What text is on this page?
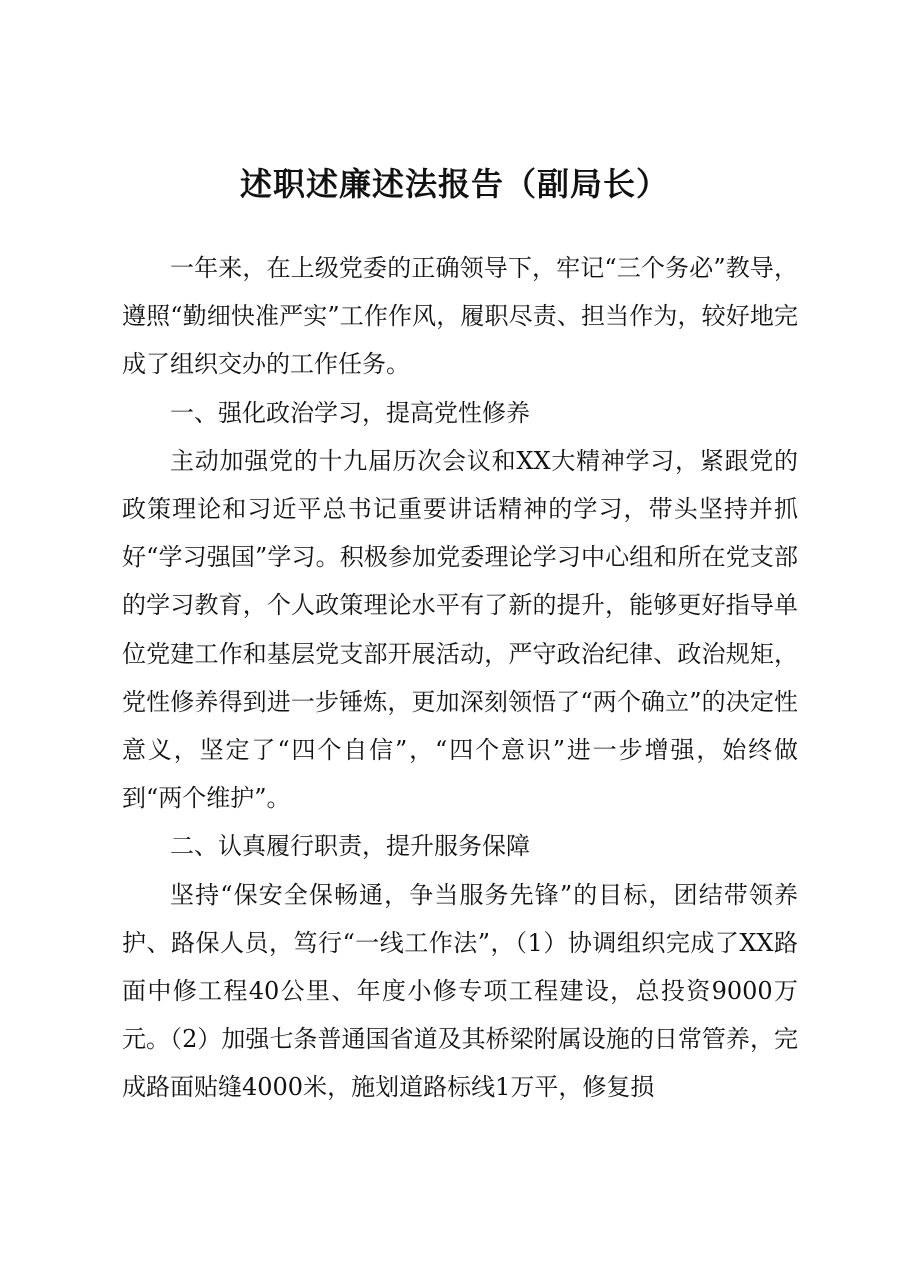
述职述廉述法报告（副局长）

一年来，在上级党委的正确领导下，牢记“三个务必”教导，遵照“勤细快准严实”工作作风，履职尽责、担当作为，较好地完成了组织交办的工作任务。

一、强化政治学习，提高党性修养

主动加强党的十九届历次会议和XX大精神学习，紧跟党的政策理论和习近平总书记重要讲话精神的学习，带头坚持并抓好“学习强国”学习。积极参加党委理论学习中心组和所在党支部的学习教育，个人政策理论水平有了新的提升，能够更好指导单位党建工作和基层党支部开展活动，严守政治纪律、政治规矩，党性修养得到进一步锤炼，更加深刻领悟了“两个确立”的决定性意义，坚定了“四个自信”，“四个意识”进一步增强，始终做到“两个维护”。

二、认真履行职责，提升服务保障

坚持“保安全保畅通，争当服务先锋”的目标，团结带领养护、路保人员，笃行“一线工作法”，（1）协调组织完成了XX路面中修工程40公里、年度小修专项工程建设，总投资9000万元。（2）加强七条普通国省道及其桥梁附属设施的日常管养，完成路面贴缝4000米，施划道路标线1万平，修复损
